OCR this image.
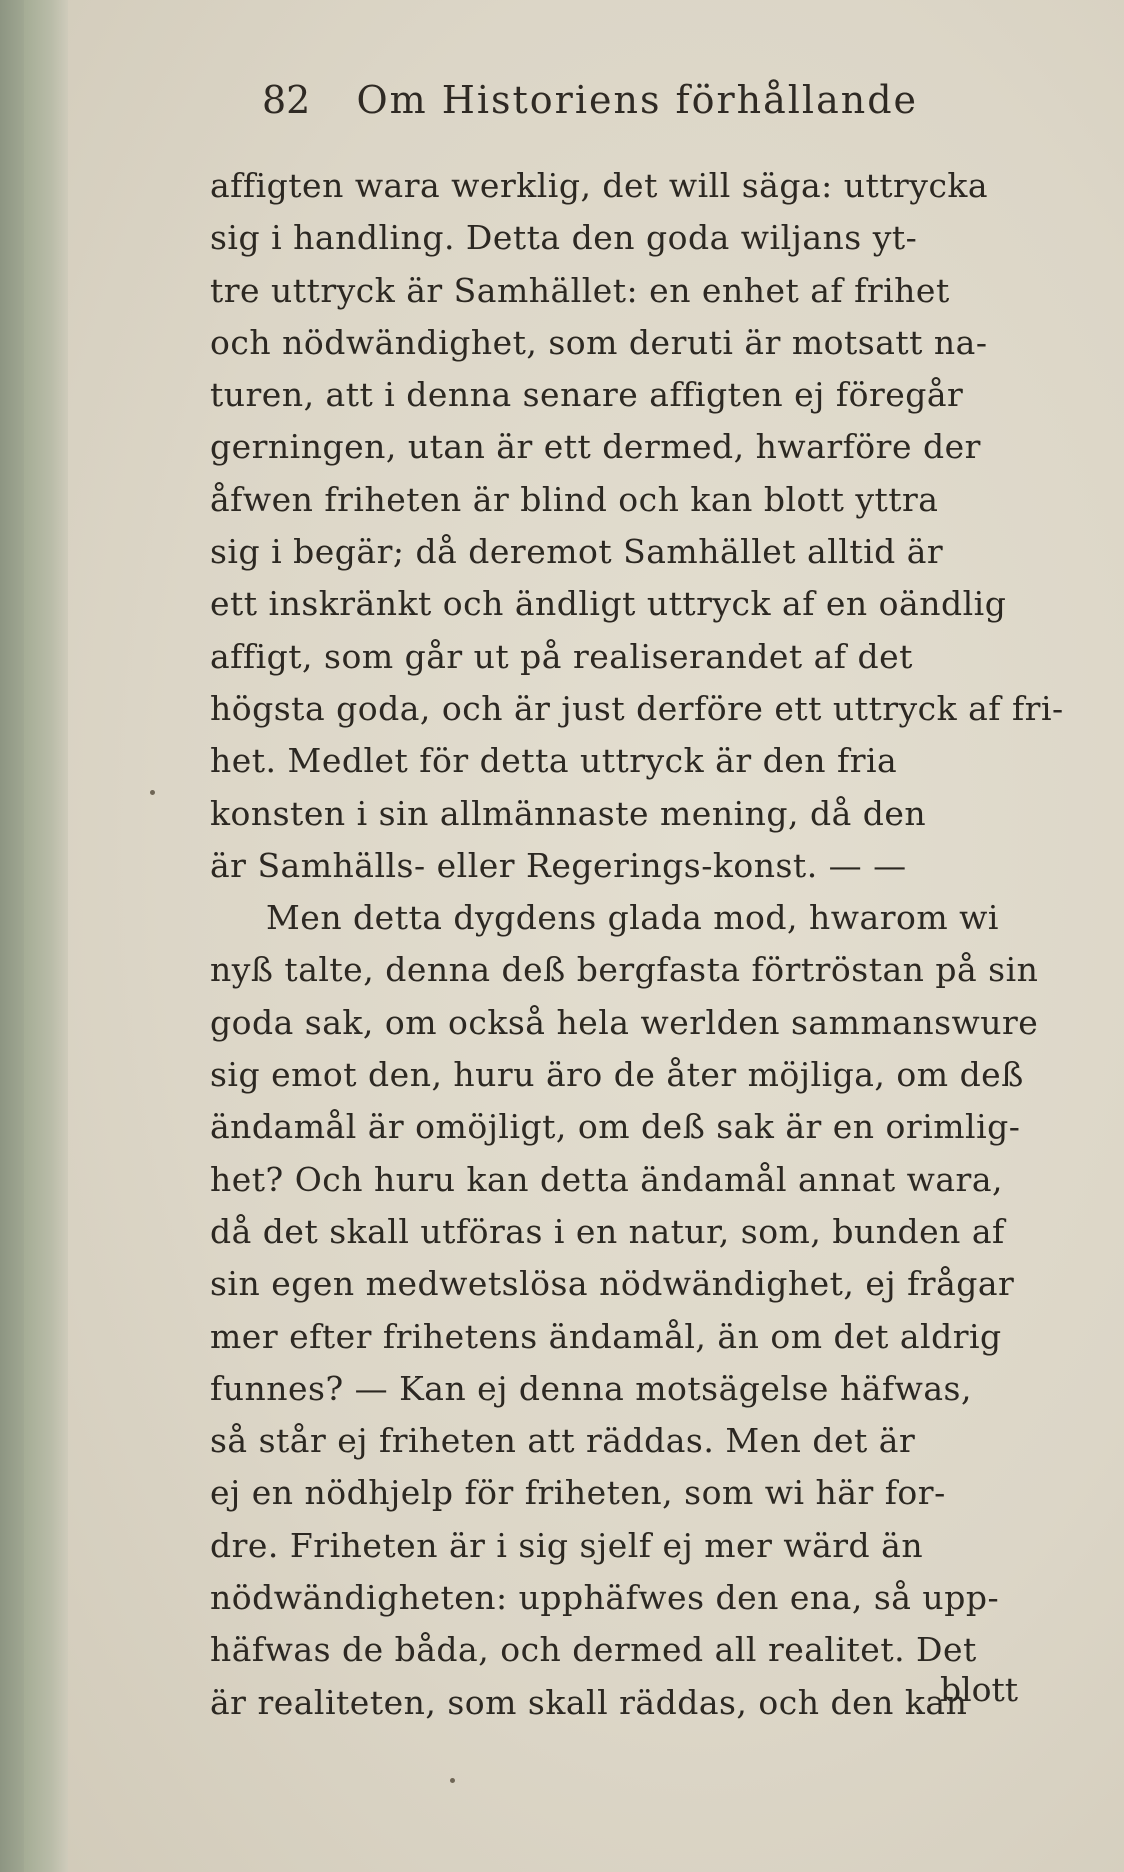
82 Om Historiens förhållande
affigten wara werklig, det will säga: uttrycka
sig i handling. Detta den goda wiljans yt-
tre uttryck är Samhället: en enhet af frihet
och nödwändighet, som deruti är motsatt na-
turen, att i denna senare affigten ej föregår
gerningen, utan är ett dermed, hwarföre der
åfwen friheten är blind och kan blott yttra
sig i begär; då deremot Samhället alltid är
ett inskränkt och ändligt uttryck af en oändlig
affigt, som går ut på realiserandet af det
högsta goda, och är just derföre ett uttryck af fri-
het. Medlet för detta uttryck är den fria
konsten i sin allmännaste mening, då den
är Samhälls- eller Regerings-konst. — —
Men detta dygdens glada mod, hwarom wi
nyß talte, denna deß bergfasta förtröstan på sin
goda sak, om också hela werlden sammanswure
sig emot den, huru äro de åter möjliga, om deß
ändamål är omöjligt, om deß sak är en orimlig-
het? Och huru kan detta ändamål annat wara,
då det skall utföras i en natur, som, bunden af
sin egen medwetslösa nödwändighet, ej frågar
mer efter frihetens ändamål, än om det aldrig
funnes? — Kan ej denna motsägelse häfwas,
så står ej friheten att räddas. Men det är
ej en nödhjelp för friheten, som wi här for-
dre. Friheten är i sig sjelf ej mer wärd än
nödwändigheten: upphäfwes den ena, så upp-
häfwas de båda, och dermed all realitet. Det
är realiteten, som skall räddas, och den kan
blott
